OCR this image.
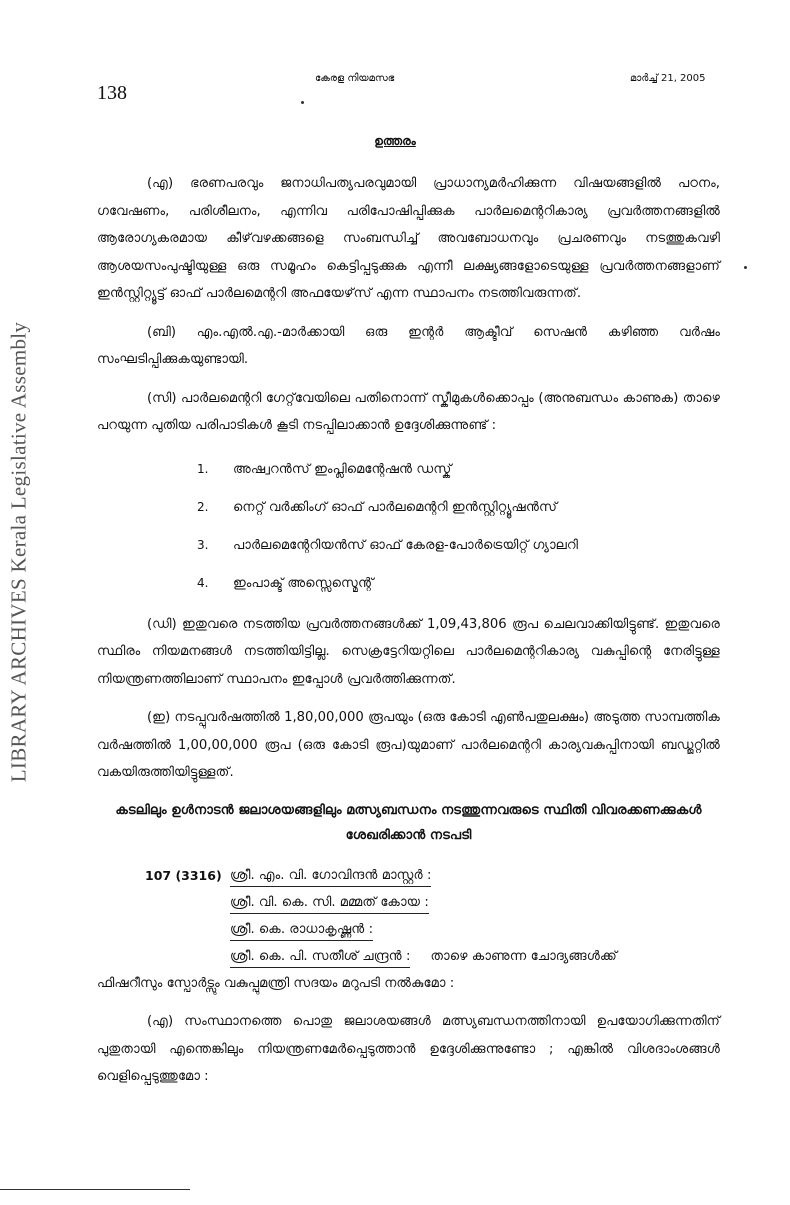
LIBRARY ARCHIVES Kerala Legislative Assembly
138
കേരള നിയമസഭ	മാർച്ച് 21, 2005
ഉത്തരം

(എ) ഭരണപരവും ജനാധിപത്യപരവുമായി പ്രാധാന്യമർഹിക്കുന്ന വിഷയങ്ങളിൽ പഠനം, ഗവേഷണം, പരിശീലനം, എന്നിവ പരിപോഷിപ്പിക്കുക പാർലമെന്ററികാര്യ പ്രവർത്തനങ്ങളിൽ ആരോഗ്യകരമായ കീഴ്‌വഴക്കങ്ങളെ സംബന്ധിച്ച് അവബോധനവും പ്രചരണവും നടത്തുകവഴി ആശയസംപുഷ്ടിയുള്ള ഒരു സമൂഹം കെട്ടിപ്പടുക്കുക എന്നീ ലക്ഷ്യങ്ങളോടെയുള്ള പ്രവർത്തനങ്ങളാണ് ഇൻസ്റ്റിറ്റ്യൂട്ട് ഓഫ് പാർലമെന്ററി അഫയേഴ്‌സ് എന്ന സ്ഥാപനം നടത്തിവരുന്നത്.

(ബി) എം.എൽ.എ.-മാർക്കായി ഒരു ഇന്റർ ആക്ടീവ് സെഷൻ കഴിഞ്ഞ വർഷം സംഘടിപ്പിക്കുകയുണ്ടായി.

(സി) പാർലമെന്ററി ഗേറ്റ്‌വേയിലെ പതിനൊന്ന് സ്കീമുകൾക്കൊപ്പം (അനുബന്ധം കാണുക) താഴെ പറയുന്ന പുതിയ പരിപാടികൾ കൂടി നടപ്പിലാക്കാൻ ഉദ്ദേശിക്കുന്നുണ്ട് :

1.	അഷ്വറൻസ് ഇംപ്ലിമെന്റേഷൻ ഡസ്ക്
2.	നെറ്റ് വർക്കിംഗ് ഓഫ് പാർലമെന്ററി ഇൻസ്റ്റിറ്റ്യൂഷൻസ്
3.	പാർലമെന്റേറിയൻസ് ഓഫ് കേരള-പോർട്രെയിറ്റ് ഗ്യാലറി
4.	ഇംപാക്ട് അസ്സെസ്മെന്റ്

(ഡി) ഇതുവരെ നടത്തിയ പ്രവർത്തനങ്ങൾക്ക് 1,09,43,806 രൂപ ചെലവാക്കിയിട്ടുണ്ട്. ഇതുവരെ സ്ഥിരം നിയമനങ്ങൾ നടത്തിയിട്ടില്ല. സെക്രട്ടേറിയറ്റിലെ പാർലമെന്ററികാര്യ വകുപ്പിന്റെ നേരിട്ടുള്ള നിയന്ത്രണത്തിലാണ് സ്ഥാപനം ഇപ്പോൾ പ്രവർത്തിക്കുന്നത്.

(ഇ) നടപ്പുവർഷത്തിൽ 1,80,00,000 രൂപയും (ഒരു കോടി എൺപതുലക്ഷം) അടുത്ത സാമ്പത്തിക വർഷത്തിൽ 1,00,00,000 രൂപ (ഒരു കോടി രൂപ)യുമാണ് പാർലമെന്ററി കാര്യവകുപ്പിനായി ബഡ്ജറ്റിൽ വകയിരുത്തിയിട്ടുള്ളത്.

കടലിലും ഉൾനാടൻ ജലാശയങ്ങളിലും മത്സ്യബന്ധനം നടത്തുന്നവരുടെ സ്ഥിതി വിവരക്കണക്കുകൾ ശേഖരിക്കാൻ നടപടി
107 (3316) ശ്രീ. എം. വി. ഗോവിന്ദൻ മാസ്റ്റർ :
ശ്രീ. വി. കെ. സി. മമ്മത് കോയ :
ശ്രീ. കെ. രാധാകൃഷ്ണൻ :
ശ്രീ. കെ. പി. സതീശ് ചന്ദ്രൻ : താഴെ കാണുന്ന ചോദ്യങ്ങൾക്ക്
ഫിഷറീസും സ്പോർട്സും വകുപ്പുമന്ത്രി സദയം മറുപടി നൽകുമോ :

(എ) സംസ്ഥാനത്തെ പൊതു ജലാശയങ്ങൾ മത്സ്യബന്ധനത്തിനായി ഉപയോഗിക്കുന്നതിന് പുതുതായി എന്തെങ്കിലും നിയന്ത്രണമേർപ്പെടുത്താൻ ഉദ്ദേശിക്കുന്നുണ്ടോ ; എങ്കിൽ വിശദാംശങ്ങൾ വെളിപ്പെടുത്തുമോ :
